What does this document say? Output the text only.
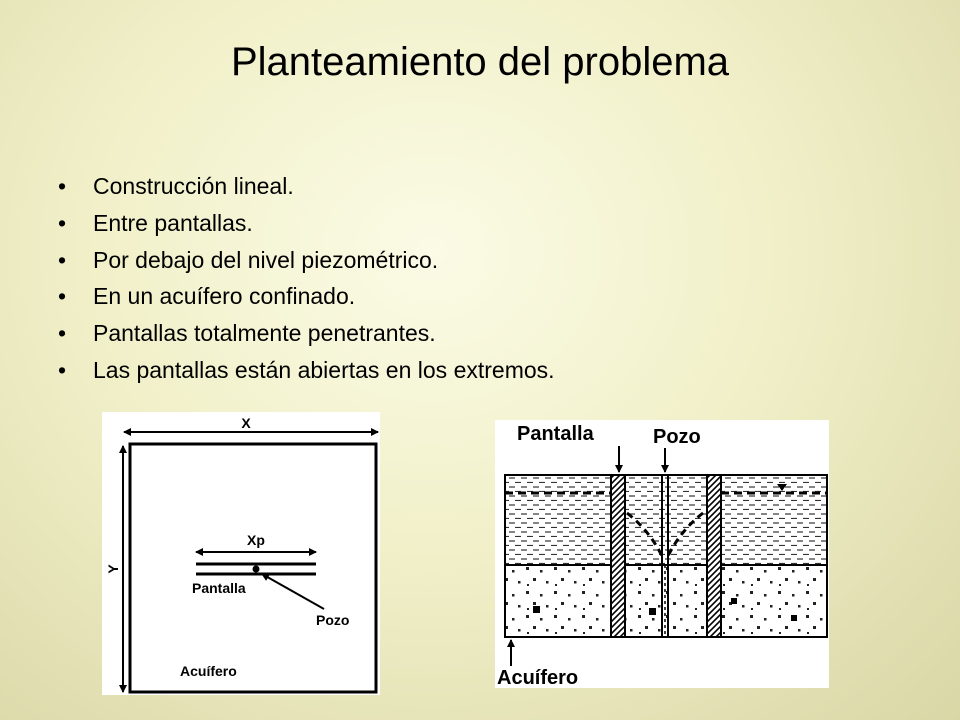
Planteamiento del problema
• Construcción lineal.
• Entre pantallas.
• Por debajo del nivel piezométrico.
• En un acuífero confinado.
• Pantallas totalmente penetrantes.
• Las pantallas están abiertas en los extremos.
X
Y
Xp
Pantalla
Pozo
Acuífero
Pantalla	Pozo
Acuífero
